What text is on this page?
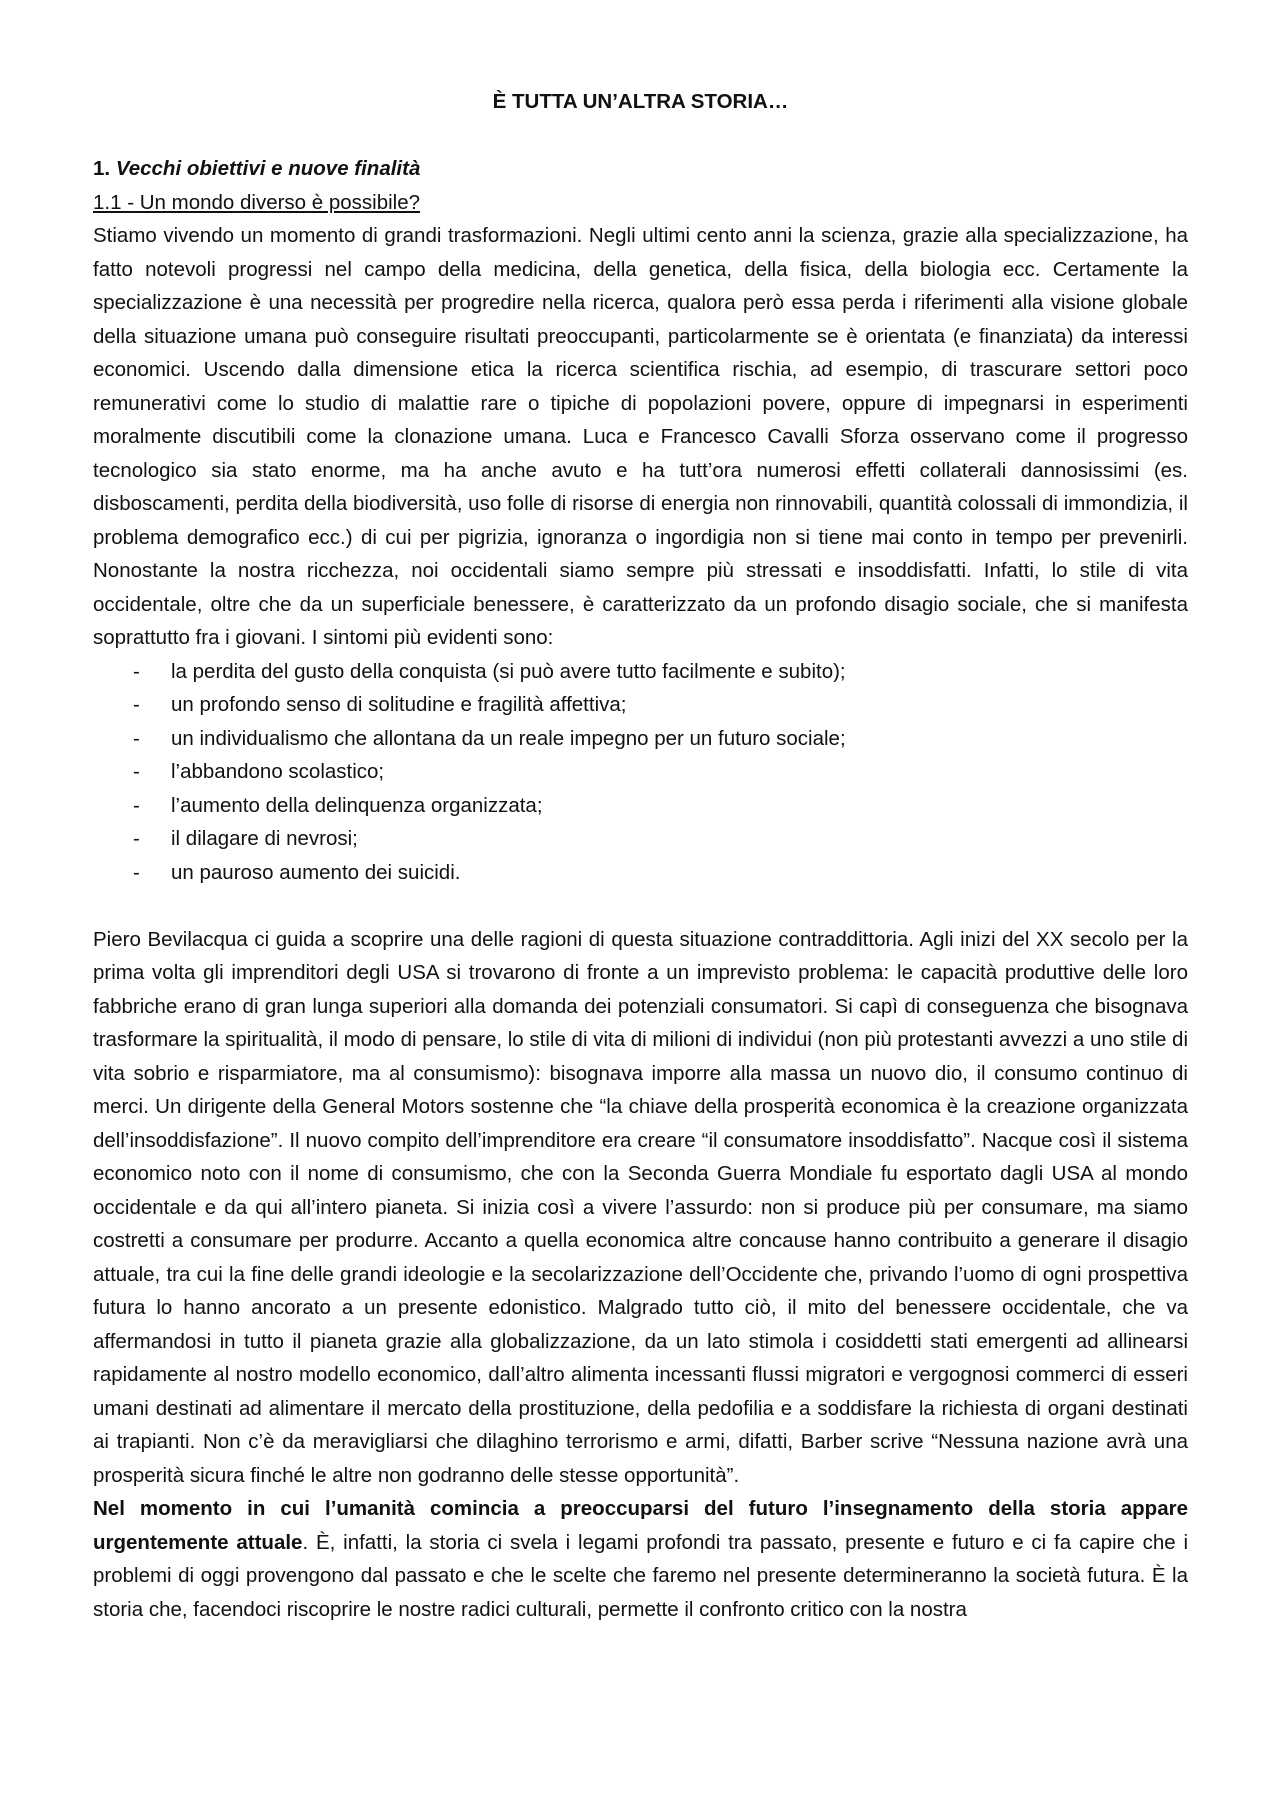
È TUTTA UN’ALTRA STORIA…
1. Vecchi obiettivi e nuove finalità
1.1 - Un mondo diverso è possibile?

Stiamo vivendo un momento di grandi trasformazioni. Negli ultimi cento anni la scienza, grazie alla specializzazione, ha fatto notevoli progressi nel campo della medicina, della genetica, della fisica, della biologia ecc. Certamente la specializzazione è una necessità per progredire nella ricerca, qualora però essa perda i riferimenti alla visione globale della situazione umana può conseguire risultati preoccupanti, particolarmente se è orientata (e finanziata) da interessi economici. Uscendo dalla dimensione etica la ricerca scientifica rischia, ad esempio, di trascurare settori poco remunerativi come lo studio di malattie rare o tipiche di popolazioni povere, oppure di impegnarsi in esperimenti moralmente discutibili come la clonazione umana. Luca e Francesco Cavalli Sforza osservano come il progresso tecnologico sia stato enorme, ma ha anche avuto e ha tutt’ora numerosi effetti collaterali dannosissimi (es. disboscamenti, perdita della biodiversità, uso folle di risorse di energia non rinnovabili, quantità colossali di immondizia, il problema demografico ecc.) di cui per pigrizia, ignoranza o ingordigia non si tiene mai conto in tempo per prevenirli. Nonostante la nostra ricchezza, noi occidentali siamo sempre più stressati e insoddisfatti. Infatti, lo stile di vita occidentale, oltre che da un superficiale benessere, è caratterizzato da un profondo disagio sociale, che si manifesta soprattutto fra i giovani. I sintomi più evidenti sono:

- la perdita del gusto della conquista (si può avere tutto facilmente e subito);
- un profondo senso di solitudine e fragilità affettiva;
- un individualismo che allontana da un reale impegno per un futuro sociale;
- l’abbandono scolastico;
- l’aumento della delinquenza organizzata;
- il dilagare di nevrosi;
- un pauroso aumento dei suicidi.

Piero Bevilacqua ci guida a scoprire una delle ragioni di questa situazione contraddittoria. Agli inizi del XX secolo per la prima volta gli imprenditori degli USA si trovarono di fronte a un imprevisto problema: le capacità produttive delle loro fabbriche erano di gran lunga superiori alla domanda dei potenziali consumatori. Si capì di conseguenza che bisognava trasformare la spiritualità, il modo di pensare, lo stile di vita di milioni di individui (non più protestanti avvezzi a uno stile di vita sobrio e risparmiatore, ma al consumismo): bisognava imporre alla massa un nuovo dio, il consumo continuo di merci. Un dirigente della General Motors sostenne che “la chiave della prosperità economica è la creazione organizzata dell’insoddisfazione”. Il nuovo compito dell’imprenditore era creare “il consumatore insoddisfatto”. Nacque così il sistema economico noto con il nome di consumismo, che con la Seconda Guerra Mondiale fu esportato dagli USA al mondo occidentale e da qui all’intero pianeta. Si inizia così a vivere l’assurdo: non si produce più per consumare, ma siamo costretti a consumare per produrre. Accanto a quella economica altre concause hanno contribuito a generare il disagio attuale, tra cui la fine delle grandi ideologie e la secolarizzazione dell’Occidente che, privando l’uomo di ogni prospettiva futura lo hanno ancorato a un presente edonistico. Malgrado tutto ciò, il mito del benessere occidentale, che va affermandosi in tutto il pianeta grazie alla globalizzazione, da un lato stimola i cosiddetti stati emergenti ad allinearsi rapidamente al nostro modello economico, dall’altro alimenta incessanti flussi migratori e vergognosi commerci di esseri umani destinati ad alimentare il mercato della prostituzione, della pedofilia e a soddisfare la richiesta di organi destinati ai trapianti. Non c’è da meravigliarsi che dilaghino terrorismo e armi, difatti, Barber scrive “Nessuna nazione avrà una prosperità sicura finché le altre non godranno delle stesse opportunità”.

Nel momento in cui l’umanità comincia a preoccuparsi del futuro l’insegnamento della storia appare urgentemente attuale. È, infatti, la storia ci svela i legami profondi tra passato, presente e futuro e ci fa capire che i problemi di oggi provengono dal passato e che le scelte che faremo nel presente determineranno la società futura. È la storia che, facendoci riscoprire le nostre radici culturali, permette il confronto critico con la nostra
